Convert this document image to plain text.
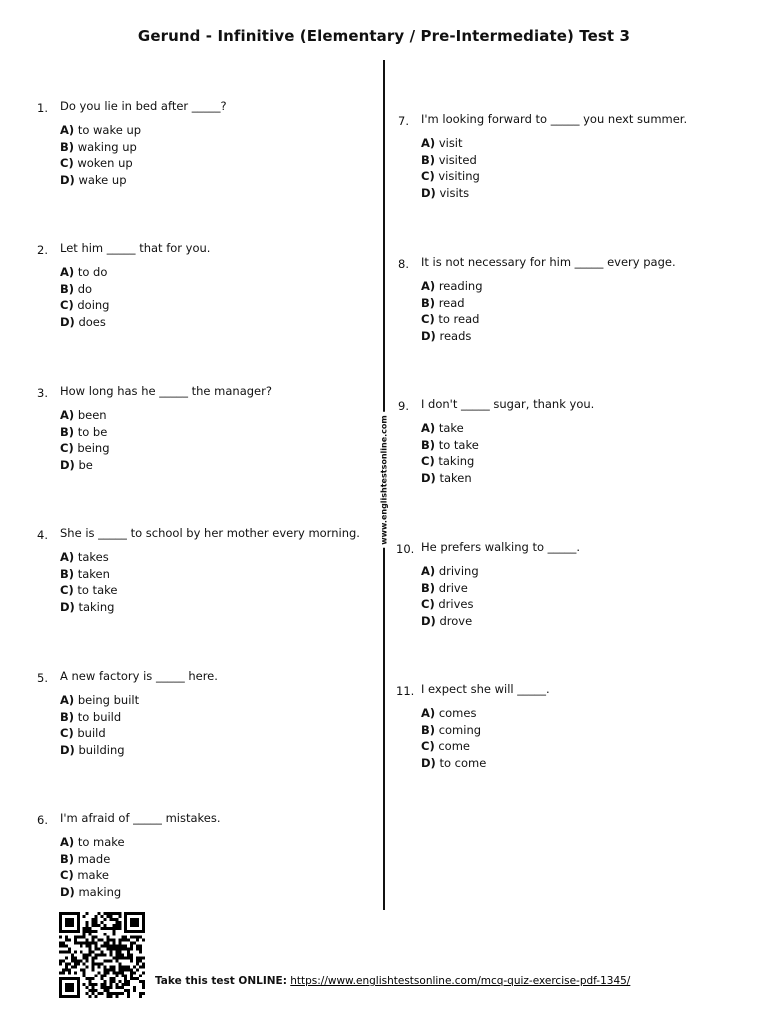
Gerund - Infinitive (Elementary / Pre-Intermediate) Test 3
www.englishtestsonline.com
1. Do you lie in bed after _____?
A) to wake up
B) waking up
C) woken up
D) wake up
2. Let him _____ that for you.
A) to do
B) do
C) doing
D) does
3. How long has he _____ the manager?
A) been
B) to be
C) being
D) be
4. She is _____ to school by her mother every morning.
A) takes
B) taken
C) to take
D) taking
5. A new factory is _____ here.
A) being built
B) to build
C) build
D) building
6. I'm afraid of _____ mistakes.
A) to make
B) made
C) make
D) making
7. I'm looking forward to _____ you next summer.
A) visit
B) visited
C) visiting
D) visits
8. It is not necessary for him _____ every page.
A) reading
B) read
C) to read
D) reads
9. I don't _____ sugar, thank you.
A) take
B) to take
C) taking
D) taken
10. He prefers walking to _____.
A) driving
B) drive
C) drives
D) drove
11. I expect she will _____.
A) comes
B) coming
C) come
D) to come
Take this test ONLINE: https://www.englishtestsonline.com/mcq-quiz-exercise-pdf-1345/
